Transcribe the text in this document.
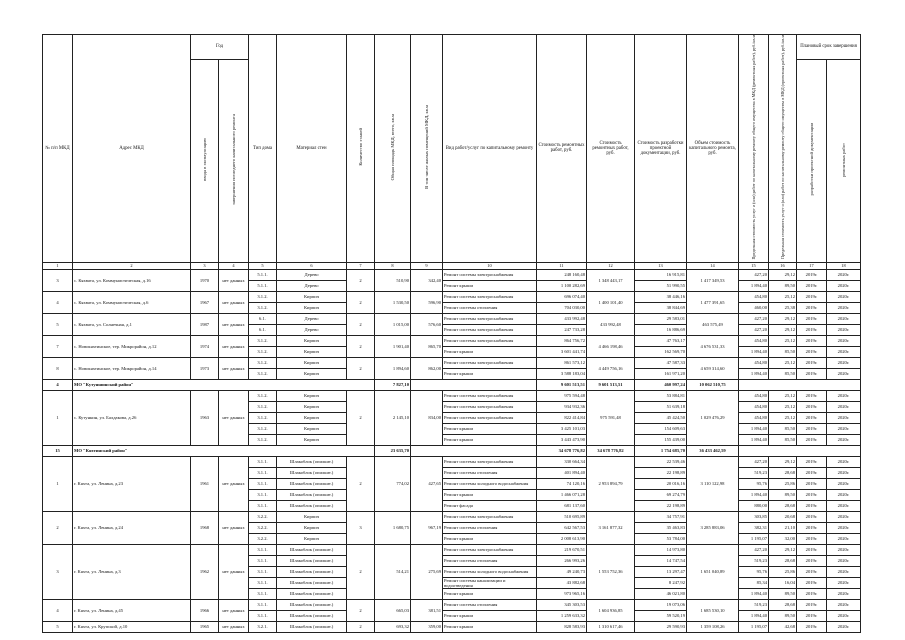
№ п/п МКД	Адрес МКД	Год		Тип дома	Материал стен	Количество этажей	Общая площадь МКД, всего, кв.м	В том числе жилых помещений МКД, кв.м	Вид работ/услуг по капитальному ремонту	Стоимость ремонтных работ, руб.	Стоимость ремонтных работ, руб.	Стоимость разработки проектной документации, руб.	Объем стоимость капитального ремонта, руб.	Предельная стоимость услуг и (или) работ по капитальному ремонту общего имущества в МКД (ремонтных работ), руб./кв.м	Предельная стоимость услуг и (или) работ по капитальному ремонту общего имущества в МКД (проектных работ), руб./кв.м	Плановый срок завершения	
		ввода в эксплуатацию	завершения последнего капитального ремонта													разработки проектной документации	ремонтных работ
1	2	3	4	5	6	7	8	9	10	11	12	13	14	15	16	17	18
3	с. Кяхвата, ул. Коммунистическая, д.16	1970	нет данных	5.1.1.	Дерево	2	510,90	342,40	Ремонт системы электроснабжения	248 160,48	1 348 443,17	16 915,81	1 417 349,53	427,20	29,12	2019г.	2020г.
				5.1.1.	Дерево				Ремонт крыши	1 100 282,69		51 990,55		1 894,40	89,50	2019г.	2020г.
4	с. Кяхвата, ул. Коммунистическая, д.6	1967	нет данных	3.1.2.	Кирпич	2	1 530,50	596,90	Ремонт системы электроснабжения	696 074,40	1 400 101,40	38 446,16	1 477 391,65	454,80	25,12	2019г.	2020г.
				3.1.2.	Кирпич				Ремонт системы отопления	704 030,00		38 844,69		460,00	25,38	2019г.	2020г.
5	с. Кяхвата, ул. Солнечная, д.1	1987	нет данных	6.1.	Дерево	2	1 015,00	576,60	Ремонт системы электроснабжения	433 992,48	433 992,48	29 583,01	463 575,49	427,20	29,12	2019г.	2020г.
				6.1.	Дерево				Ремонт системы электроснабжения	247 733,28		16 886,69		427,20	29,12	2019г.	2020г.
7	с. Новокяхтинское, тер. Микрорайон, д.12	1974	нет данных	3.1.2.	Кирпич	2	1 901,40	865,70	Ремонт системы электроснабжения	864 756,72	4 466 198,46	47 763,17	4 676 531,33	454,80	25,12	2019г.	2020г.
				3.1.2.	Кирпич				Ремонт крыши	3 601 441,74		162 569,70		1 894,40	85,50	2019г.	2020г.
8	с. Новокяхтинское, тер. Микрорайон, д.14	1973	нет данных	3.1.2.	Кирпич	2	1 894,60	862,00	Ремонт системы электроснабжения	861 573,12	4 449 756,16	47 587,33	4 659 314,60	454,80	25,12	2019г.	2020г.
				3.1.2.	Кирпич				Ремонт крыши	3 588 183,04		161 971,20		1 894,40	85,50	2019г.	2020г.
4	МО "Кутуншинский район"						7 827,10			9 601 513,51	9 601 513,51	460 997,24	10 062 510,75				
1	с. Кутункин, ул. Балдакова, д.26	1963	нет данных	3.1.2.	Кирпич	2	2 145,10	834,00	Ремонт системы электроснабжения	975 594,48	975 591,48	53 884,81	1 029 476,29	454,80	25,12	2019г.	2020г.
				3.1.2.	Кирпич				Ремонт системы электроснабжения	934 932,36		51 639,18		454,80	25,12	2019г.	2020г.
				3.1.2.	Кирпич				Ремонт системы электроснабжения	822 414,84		45 424,50		454,80	25,12	2019г.	2020г.
				3.1.2.	Кирпич				Ремонт крыши	3 425 101,03		154 609,63		1 894,40	85,50	2019г.	2020г.
				3.1.2.	Кирпич				Ремонт крыши	3 443 473,90		155 439,00		1 894,40	85,50	2019г.	2020г.
15	МО "Кяхтинский район"						23 635,70			34 678 776,82	34 678 776,82	1 754 685,70	36 433 462,59				
1	г. Кяхта, ул. Ленина, д.23	1961	нет данных	3.1.1.	Шлакоблок (опилкит.)	2	774,02	427,65	Ремонт системы электроснабжения	330 664,34	2 953 894,79	22 539,46	3 110 122,98	427,20	29,12	2019г.	2020г.
				3.1.1.	Шлакоблок (опилкит.)				Ремонт системы отопления	401 894,40		22 198,89		519,23	28,68	2019г.	2020г.
				3.1.1.	Шлакоблок (опилкит.)				Ремонт системы холодного водоснабжения	74 120,16		20 016,16		95,76	25,86	2019г.	2020г.
				3.1.1.	Шлакоблок (опилкит.)				Ремонт крыши	1 466 071,28		69 274,79		1 894,40	89,50	2019г.	2020г.
				3.1.1.	Шлакоблок (опилкит.)				Ремонт фасада	681 137,60		22 198,89		880,00	28,68	2019г.	2020г.
2	г. Кяхта, ул. Ленина, д.24	1968	нет данных	3.2.2.	Кирпич	3	1 680,75	967,19	Ремонт системы электроснабжения	510 695,89	3 161 877,32	34 757,91	3 285 883,06	303,85	20,68	2019г.	2020г.
				3.2.2.	Кирпич				Ремонт системы отопления	642 567,53		35 463,83		382,31	21,10	2019г.	2020г.
				3.2.2.	Кирпич				Ремонт крыши	2 008 613,90		53 784,00		1 195,07	32,00	2019г.	2020г.
3	г. Кяхта, ул. Ленина, д.3	1962	нет данных	3.1.1.	Шлакоблок (опилкит.)	2	514,21	275,69	Ремонт системы электроснабжения	219 670,51	1 553 752,36	14 973,80	1 651 040,89	427,20	29,12	2019г.	2020г.
				3.1.1.	Шлакоблок (опилкит.)				Ремонт системы отопления	266 993,26		14 747,54		519,23	28,68	2019г.	2020г.
				3.1.1.	Шлакоблок (опилкит.)				Ремонт системы холодного водоснабжения	49 240,73		13 297,47		95,76	25,86	2019г.	2020г.
				3.1.1.	Шлакоблок (опилкит.)				Ремонт системы канализации и водоотведения	43 882,68		8 247,92		85,34	16,04	2019г.	2020г.
				3.1.1.	Шлакоблок (опилкит.)				Ремонт крыши	973 965,16		46 021,80		1 894,40	89,50	2019г.	2020г.
4	г. Кяхта, ул. Ленина, д.45	1966	нет данных	3.1.1.	Шлакоблок (опилкит.)	2	665,03	381,51	Ремонт системы отопления	345 303,53	1 604 936,85	19 073,06	1 685 530,10	519,23	28,68	2019г.	2020г.
				3.1.1.	Шлакоблок (опилкит.)				Ремонт крыши	1 259 633,32		59 520,19		1 894,40	89,50	2019г.	2020г.
5	г. Кяхта, ул. Крупской, д.10	1965	нет данных	3.2.1.	Шлакоблок (опилкит.)	2	693,32	359,00	Ремонт крыши	828 583,93	1 310 617,46	29 590,93	1 359 108,26	1 195,07	42,68	2019г.	2020г.
